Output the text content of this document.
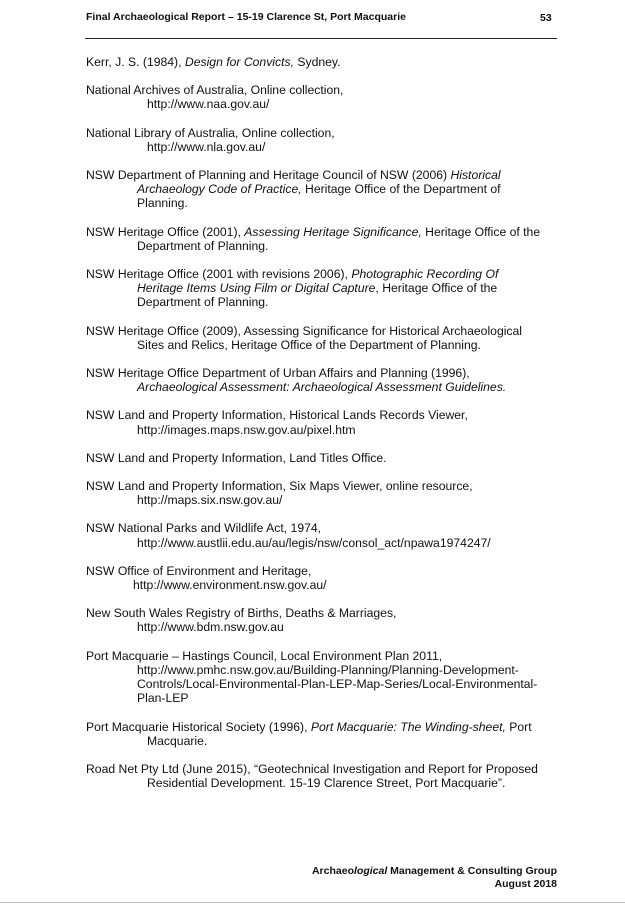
Final Archaeological Report – 15-19 Clarence St, Port Macquarie	53
Kerr, J. S. (1984), Design for Convicts, Sydney.
National Archives of Australia, Online collection,
http://www.naa.gov.au/
National Library of Australia, Online collection,
http://www.nla.gov.au/
NSW Department of Planning and Heritage Council of NSW (2006) Historical
Archaeology Code of Practice, Heritage Office of the Department of
Planning.
NSW Heritage Office (2001), Assessing Heritage Significance, Heritage Office of the
Department of Planning.
NSW Heritage Office (2001 with revisions 2006), Photographic Recording Of
Heritage Items Using Film or Digital Capture, Heritage Office of the
Department of Planning.
NSW Heritage Office (2009), Assessing Significance for Historical Archaeological
Sites and Relics, Heritage Office of the Department of Planning.
NSW Heritage Office Department of Urban Affairs and Planning (1996),
Archaeological Assessment: Archaeological Assessment Guidelines.
NSW Land and Property Information, Historical Lands Records Viewer,
http://images.maps.nsw.gov.au/pixel.htm
NSW Land and Property Information, Land Titles Office.
NSW Land and Property Information, Six Maps Viewer, online resource,
http://maps.six.nsw.gov.au/
NSW National Parks and Wildlife Act, 1974,
http://www.austlii.edu.au/au/legis/nsw/consol_act/npawa1974247/
NSW Office of Environment and Heritage,
http://www.environment.nsw.gov.au/
New South Wales Registry of Births, Deaths & Marriages,
http://www.bdm.nsw.gov.au
Port Macquarie – Hastings Council, Local Environment Plan 2011,
http://www.pmhc.nsw.gov.au/Building-Planning/Planning-Development-
Controls/Local-Environmental-Plan-LEP-Map-Series/Local-Environmental-
Plan-LEP
Port Macquarie Historical Society (1996), Port Macquarie: The Winding-sheet, Port
Macquarie.
Road Net Pty Ltd (June 2015), “Geotechnical Investigation and Report for Proposed
Residential Development. 15-19 Clarence Street, Port Macquarie”.
Archaeological Management & Consulting Group
August 2018
